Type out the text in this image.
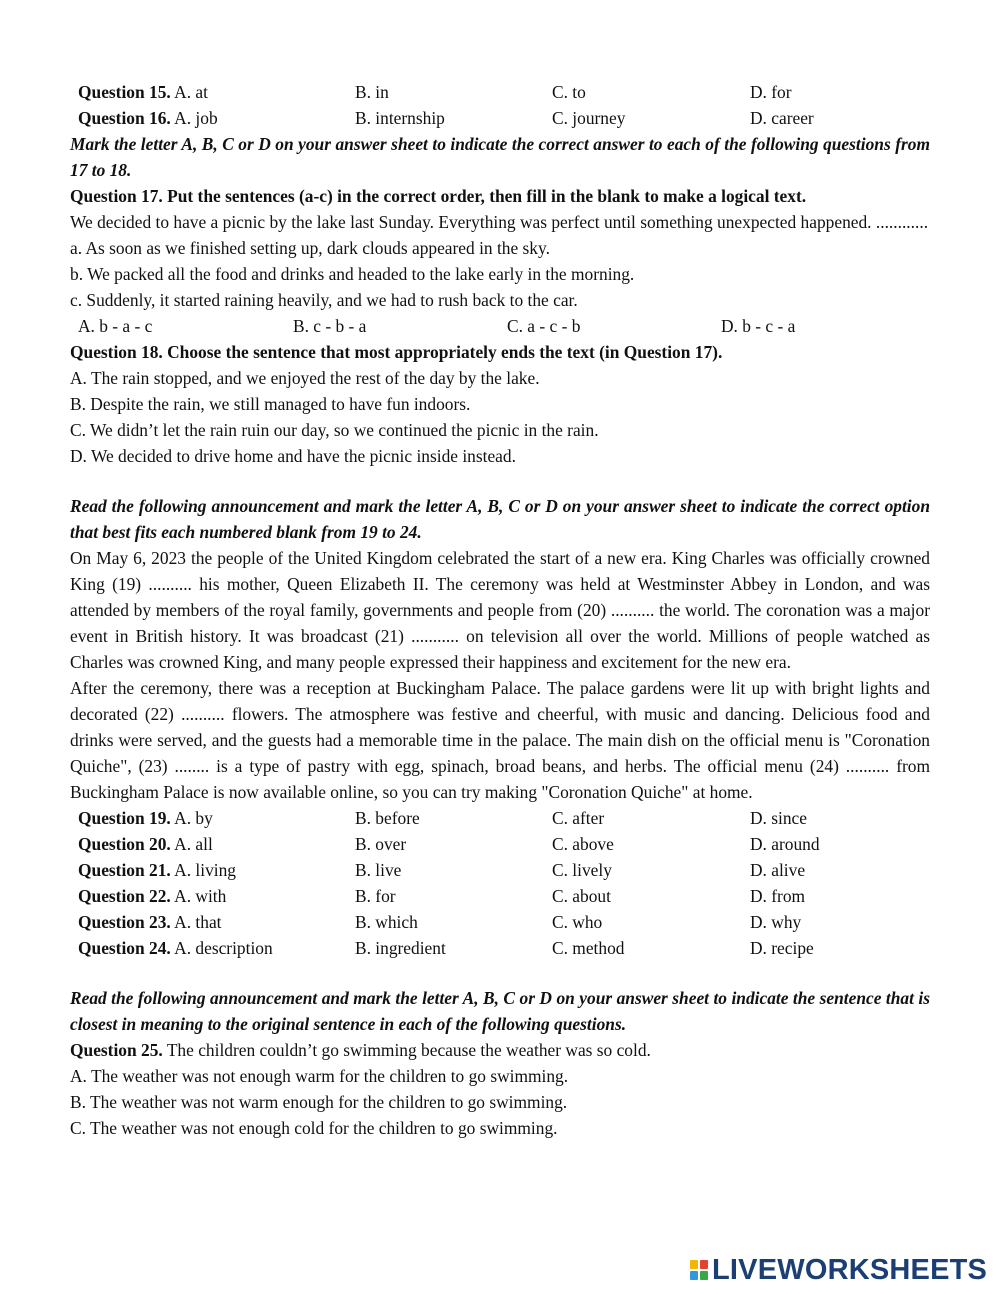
Question 15. A. at	B. in	C. to	D. for
Question 16. A. job	B. internship	C. journey	D. career

Mark the letter A, B, C or D on your answer sheet to indicate the correct answer to each of the following questions from 17 to 18.

Question 17. Put the sentences (a-c) in the correct order, then fill in the blank to make a logical text.

We decided to have a picnic by the lake last Sunday. Everything was perfect until something unexpected happened. ............

a. As soon as we finished setting up, dark clouds appeared in the sky.

b. We packed all the food and drinks and headed to the lake early in the morning.

c. Suddenly, it started raining heavily, and we had to rush back to the car.

A. b - a - c	B. c - b - a	C. a - c - b	D. b - c - a

Question 18. Choose the sentence that most appropriately ends the text (in Question 17).

A. The rain stopped, and we enjoyed the rest of the day by the lake.

B. Despite the rain, we still managed to have fun indoors.

C. We didn’t let the rain ruin our day, so we continued the picnic in the rain.

D. We decided to drive home and have the picnic inside instead.

Read the following announcement and mark the letter A, B, C or D on your answer sheet to indicate the correct option that best fits each numbered blank from 19 to 24.

On May 6, 2023 the people of the United Kingdom celebrated the start of a new era. King Charles was officially crowned King (19) .......... his mother, Queen Elizabeth II. The ceremony was held at Westminster Abbey in London, and was attended by members of the royal family, governments and people from (20) .......... the world. The coronation was a major event in British history. It was broadcast (21) ........... on television all over the world. Millions of people watched as Charles was crowned King, and many people expressed their happiness and excitement for the new era.

After the ceremony, there was a reception at Buckingham Palace. The palace gardens were lit up with bright lights and decorated (22) .......... flowers. The atmosphere was festive and cheerful, with music and dancing. Delicious food and drinks were served, and the guests had a memorable time in the palace. The main dish on the official menu is "Coronation Quiche", (23) ........ is a type of pastry with egg, spinach, broad beans, and herbs. The official menu (24) .......... from Buckingham Palace is now available online, so you can try making "Coronation Quiche" at home.

Question 19. A. by	B. before	C. after	D. since
Question 20. A. all	B. over	C. above	D. around
Question 21. A. living	B. live	C. lively	D. alive
Question 22. A. with	B. for	C. about	D. from
Question 23. A. that	B. which	C. who	D. why
Question 24. A. description	B. ingredient	C. method	D. recipe

Read the following announcement and mark the letter A, B, C or D on your answer sheet to indicate the sentence that is closest in meaning to the original sentence in each of the following questions.

Question 25. The children couldn’t go swimming because the weather was so cold.

A. The weather was not enough warm for the children to go swimming.

B. The weather was not warm enough for the children to go swimming.

C. The weather was not enough cold for the children to go swimming.

LIVEWORKSHEETS
